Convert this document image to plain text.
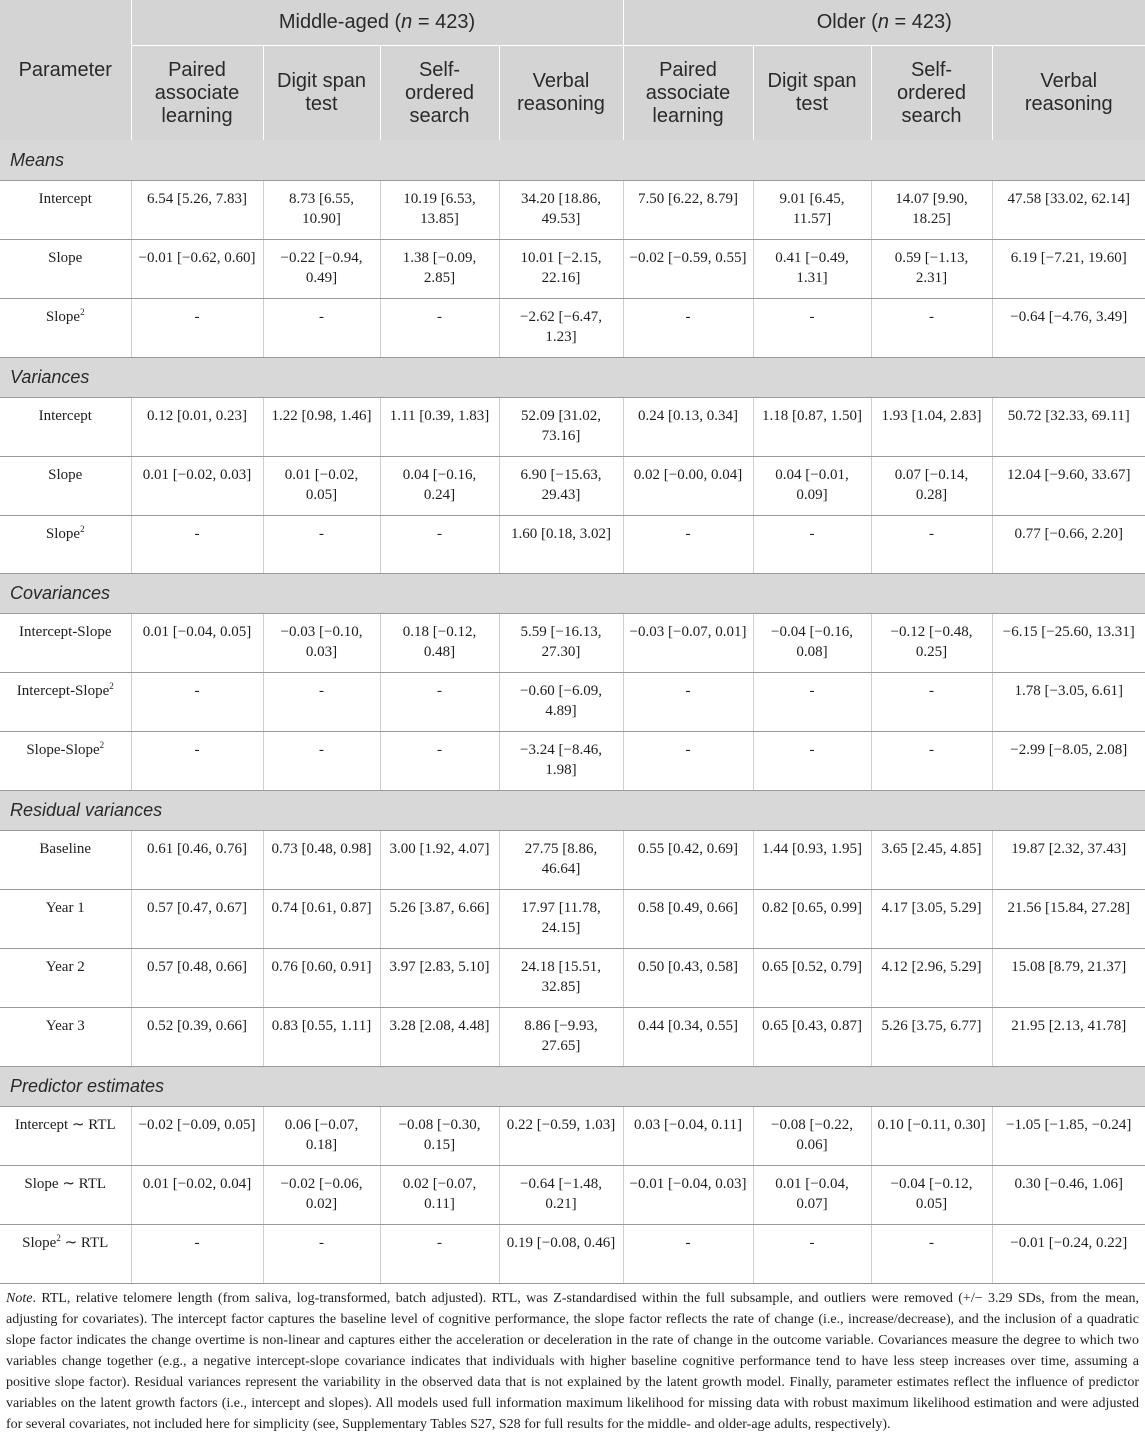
Parameter	Middle-aged (n = 423)				Older (n = 423)			

	Paired associate learning	Digit span test	Self-ordered search	Verbal reasoning	Paired associate learning	Digit span test	Self-ordered search	Verbal reasoning

Means								
Intercept	6.54 [5.26, 7.83]	8.73 [6.55, 10.90]	10.19 [6.53, 13.85]	34.20 [18.86, 49.53]	7.50 [6.22, 8.79]	9.01 [6.45, 11.57]	14.07 [9.90, 18.25]	47.58 [33.02, 62.14]
Slope	−0.01 [−0.62, 0.60]	−0.22 [−0.94, 0.49]	1.38 [−0.09, 2.85]	10.01 [−2.15, 22.16]	−0.02 [−0.59, 0.55]	0.41 [−0.49, 1.31]	0.59 [−1.13, 2.31]	6.19 [−7.21, 19.60]
Slope$^2$	-	-	-	−2.62 [−6.47, 1.23]	-	-	-	−0.64 [−4.76, 3.49]
Variances								
Intercept	0.12 [0.01, 0.23]	1.22 [0.98, 1.46]	1.11 [0.39, 1.83]	52.09 [31.02, 73.16]	0.24 [0.13, 0.34]	1.18 [0.87, 1.50]	1.93 [1.04, 2.83]	50.72 [32.33, 69.11]
Slope	0.01 [−0.02, 0.03]	0.01 [−0.02, 0.05]	0.04 [−0.16, 0.24]	6.90 [−15.63, 29.43]	0.02 [−0.00, 0.04]	0.04 [−0.01, 0.09]	0.07 [−0.14, 0.28]	12.04 [−9.60, 33.67]
Slope$^2$	-	-	-	1.60 [0.18, 3.02]	-	-	-	0.77 [−0.66, 2.20]
Covariances								
Intercept-Slope	0.01 [−0.04, 0.05]	−0.03 [−0.10, 0.03]	0.18 [−0.12, 0.48]	5.59 [−16.13, 27.30]	−0.03 [−0.07, 0.01]	−0.04 [−0.16, 0.08]	−0.12 [−0.48, 0.25]	−6.15 [−25.60, 13.31]
Intercept-Slope$^2$	-	-	-	−0.60 [−6.09, 4.89]	-	-	-	1.78 [−3.05, 6.61]
Slope-Slope$^2$	-	-	-	−3.24 [−8.46, 1.98]	-	-	-	−2.99 [−8.05, 2.08]
Residual variances								
Baseline	0.61 [0.46, 0.76]	0.73 [0.48, 0.98]	3.00 [1.92, 4.07]	27.75 [8.86, 46.64]	0.55 [0.42, 0.69]	1.44 [0.93, 1.95]	3.65 [2.45, 4.85]	19.87 [2.32, 37.43]
Year 1	0.57 [0.47, 0.67]	0.74 [0.61, 0.87]	5.26 [3.87, 6.66]	17.97 [11.78, 24.15]	0.58 [0.49, 0.66]	0.82 [0.65, 0.99]	4.17 [3.05, 5.29]	21.56 [15.84, 27.28]
Year 2	0.57 [0.48, 0.66]	0.76 [0.60, 0.91]	3.97 [2.83, 5.10]	24.18 [15.51, 32.85]	0.50 [0.43, 0.58]	0.65 [0.52, 0.79]	4.12 [2.96, 5.29]	15.08 [8.79, 21.37]
Year 3	0.52 [0.39, 0.66]	0.83 [0.55, 1.11]	3.28 [2.08, 4.48]	8.86 [−9.93, 27.65]	0.44 [0.34, 0.55]	0.65 [0.43, 0.87]	5.26 [3.75, 6.77]	21.95 [2.13, 41.78]
Predictor estimates								
Intercept ∼ RTL	−0.02 [−0.09, 0.05]	0.06 [−0.07, 0.18]	−0.08 [−0.30, 0.15]	0.22 [−0.59, 1.03]	0.03 [−0.04, 0.11]	−0.08 [−0.22, 0.06]	0.10 [−0.11, 0.30]	−1.05 [−1.85, −0.24]
Slope ∼ RTL	0.01 [−0.02, 0.04]	−0.02 [−0.06, 0.02]	0.02 [−0.07, 0.11]	−0.64 [−1.48, 0.21]	−0.01 [−0.04, 0.03]	0.01 [−0.04, 0.07]	−0.04 [−0.12, 0.05]	0.30 [−0.46, 1.06]
Slope$^2$ ∼ RTL	-	-	-	0.19 [−0.08, 0.46]	-	-	-	−0.01 [−0.24, 0.22]
Note. RTL, relative telomere length (from saliva, log-transformed, batch adjusted). RTL, was Z-standardised within the full subsample, and outliers were removed (+/− 3.29 SDs, from the mean, adjusting for covariates). The intercept factor captures the baseline level of cognitive performance, the slope factor reflects the rate of change (i.e., increase/decrease), and the inclusion of a quadratic slope factor indicates the change overtime is non-linear and captures either the acceleration or deceleration in the rate of change in the outcome variable. Covariances measure the degree to which two variables change together (e.g., a negative intercept-slope covariance indicates that individuals with higher baseline cognitive performance tend to have less steep increases over time, assuming a positive slope factor). Residual variances represent the variability in the observed data that is not explained by the latent growth model. Finally, parameter estimates reflect the influence of predictor variables on the latent growth factors (i.e., intercept and slopes). All models used full information maximum likelihood for missing data with robust maximum likelihood estimation and were adjusted for several covariates, not included here for simplicity (see, Supplementary Tables S27, S28 for full results for the middle- and older-age adults, respectively).
